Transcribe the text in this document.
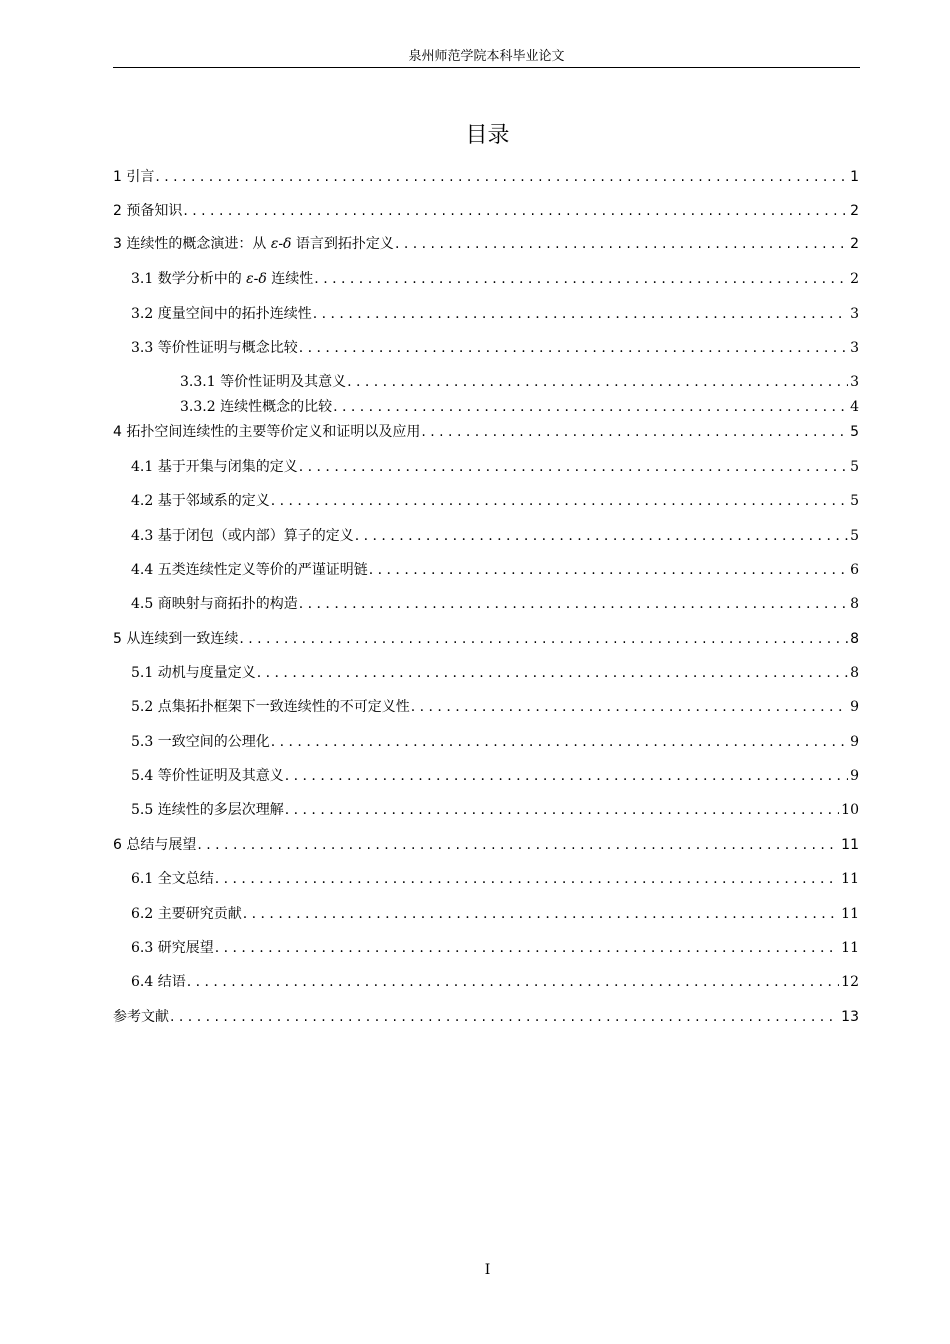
泉州师范学院本科毕业论文
目录
1 引言 . . .	1
2 预备知识 . . .	2
3 连续性的概念演进：从 ε-δ 语言到拓扑定义 . . .	2
3.1 数学分析中的 ε-δ 连续性 . . .	2
3.2 度量空间中的拓扑连续性 . . .	3
3.3 等价性证明与概念比较 . . .	3
3.3.1 等价性证明及其意义 . . .	3
3.3.2 连续性概念的比较 . . .	4
4 拓扑空间连续性的主要等价定义和证明以及应用 . . .	5
4.1 基于开集与闭集的定义 . . .	5
4.2 基于邻域系的定义 . . .	5
4.3 基于闭包（或内部）算子的定义 . . .	5
4.4 五类连续性定义等价的严谨证明链 . . .	6
4.5 商映射与商拓扑的构造 . . .	8
5 从连续到一致连续 . . .	8
5.1 动机与度量定义 . . .	8
5.2 点集拓扑框架下一致连续性的不可定义性 . . .	9
5.3 一致空间的公理化 . . .	9
5.4 等价性证明及其意义 . . .	9
5.5 连续性的多层次理解 . . .	10
6 总结与展望 . . .	11
6.1 全文总结 . . .	11
6.2 主要研究贡献 . . .	11
6.3 研究展望 . . .	11
6.4 结语 . . .	12
参考文献 . . .	13
I
